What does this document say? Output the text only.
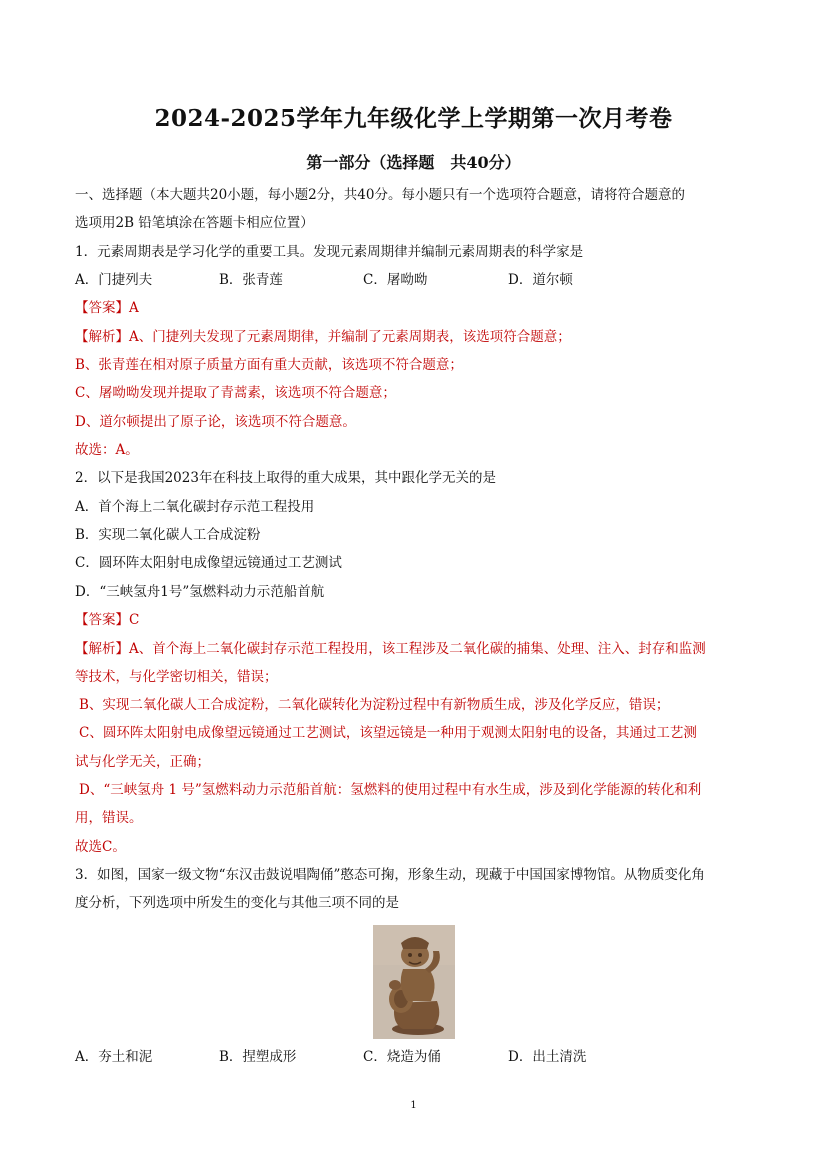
2024-2025学年九年级化学上学期第一次月考卷
第一部分（选择题　共40分）
一、选择题（本大题共20小题，每小题2分，共40分。每小题只有一个选项符合题意，请将符合题意的
选项用2B 铅笔填涂在答题卡相应位置）
1．元素周期表是学习化学的重要工具。发现元素周期律并编制元素周期表的科学家是
A．门捷列夫	B．张青莲	C．屠呦呦	D．道尔顿
【答案】A
【解析】A、门捷列夫发现了元素周期律，并编制了元素周期表，该选项符合题意；
B、张青莲在相对原子质量方面有重大贡献，该选项不符合题意；
C、屠呦呦发现并提取了青蒿素，该选项不符合题意；
D、道尔顿提出了原子论，该选项不符合题意。
故选：A。
2．以下是我国2023年在科技上取得的重大成果，其中跟化学无关的是
A．首个海上二氧化碳封存示范工程投用
B．实现二氧化碳人工合成淀粉
C．圆环阵太阳射电成像望远镜通过工艺测试
D．“三峡氢舟1号”氢燃料动力示范船首航
【答案】C
【解析】A、首个海上二氧化碳封存示范工程投用，该工程涉及二氧化碳的捕集、处理、注入、封存和监测
等技术，与化学密切相关，错误；
B、实现二氧化碳人工合成淀粉，二氧化碳转化为淀粉过程中有新物质生成，涉及化学反应，错误；
C、圆环阵太阳射电成像望远镜通过工艺测试，该望远镜是一种用于观测太阳射电的设备，其通过工艺测
试与化学无关，正确；
D、“三峡氢舟 1 号”氢燃料动力示范船首航：氢燃料的使用过程中有水生成，涉及到化学能源的转化和利
用，错误。
故选C。
3．如图，国家一级文物“东汉击鼓说唱陶俑”憨态可掬，形象生动，现藏于中国国家博物馆。从物质变化角
度分析，下列选项中所发生的变化与其他三项不同的是
A．夯土和泥	B．捏塑成形	C．烧造为俑	D．出土清洗
1
